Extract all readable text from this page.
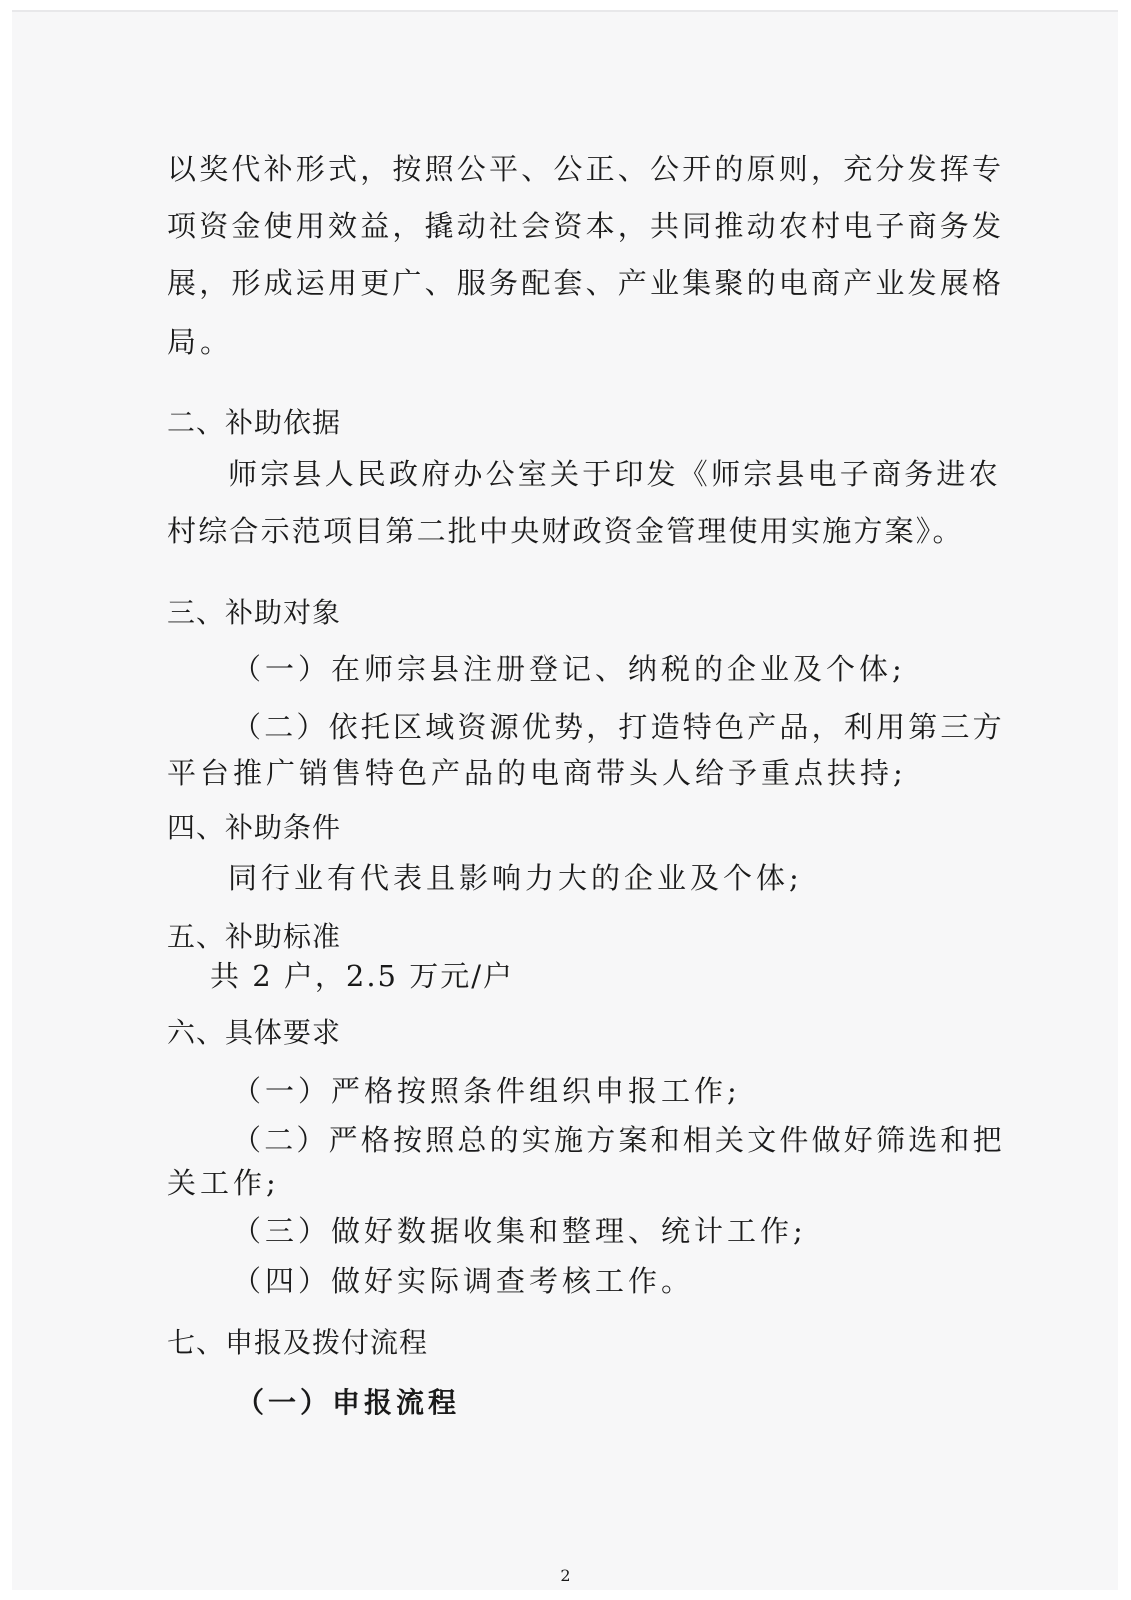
以奖代补形式，按照公平、公正、公开的原则，充分发挥专
项资金使用效益，撬动社会资本，共同推动农村电子商务发
展，形成运用更广、服务配套、产业集聚的电商产业发展格
局。
二、补助依据
师宗县人民政府办公室关于印发《师宗县电子商务进农
村综合示范项目第二批中央财政资金管理使用实施方案》。
三、补助对象
（一）在师宗县注册登记、纳税的企业及个体;
（二）依托区域资源优势，打造特色产品，利用第三方
平台推广销售特色产品的电商带头人给予重点扶持;
四、补助条件
同行业有代表且影响力大的企业及个体;
五、补助标准
共 2 户，2.5 万元/户
六、具体要求
（一）严格按照条件组织申报工作;
（二）严格按照总的实施方案和相关文件做好筛选和把
关工作;
（三）做好数据收集和整理、统计工作;
（四）做好实际调查考核工作。
七、申报及拨付流程
（一）申报流程
2
